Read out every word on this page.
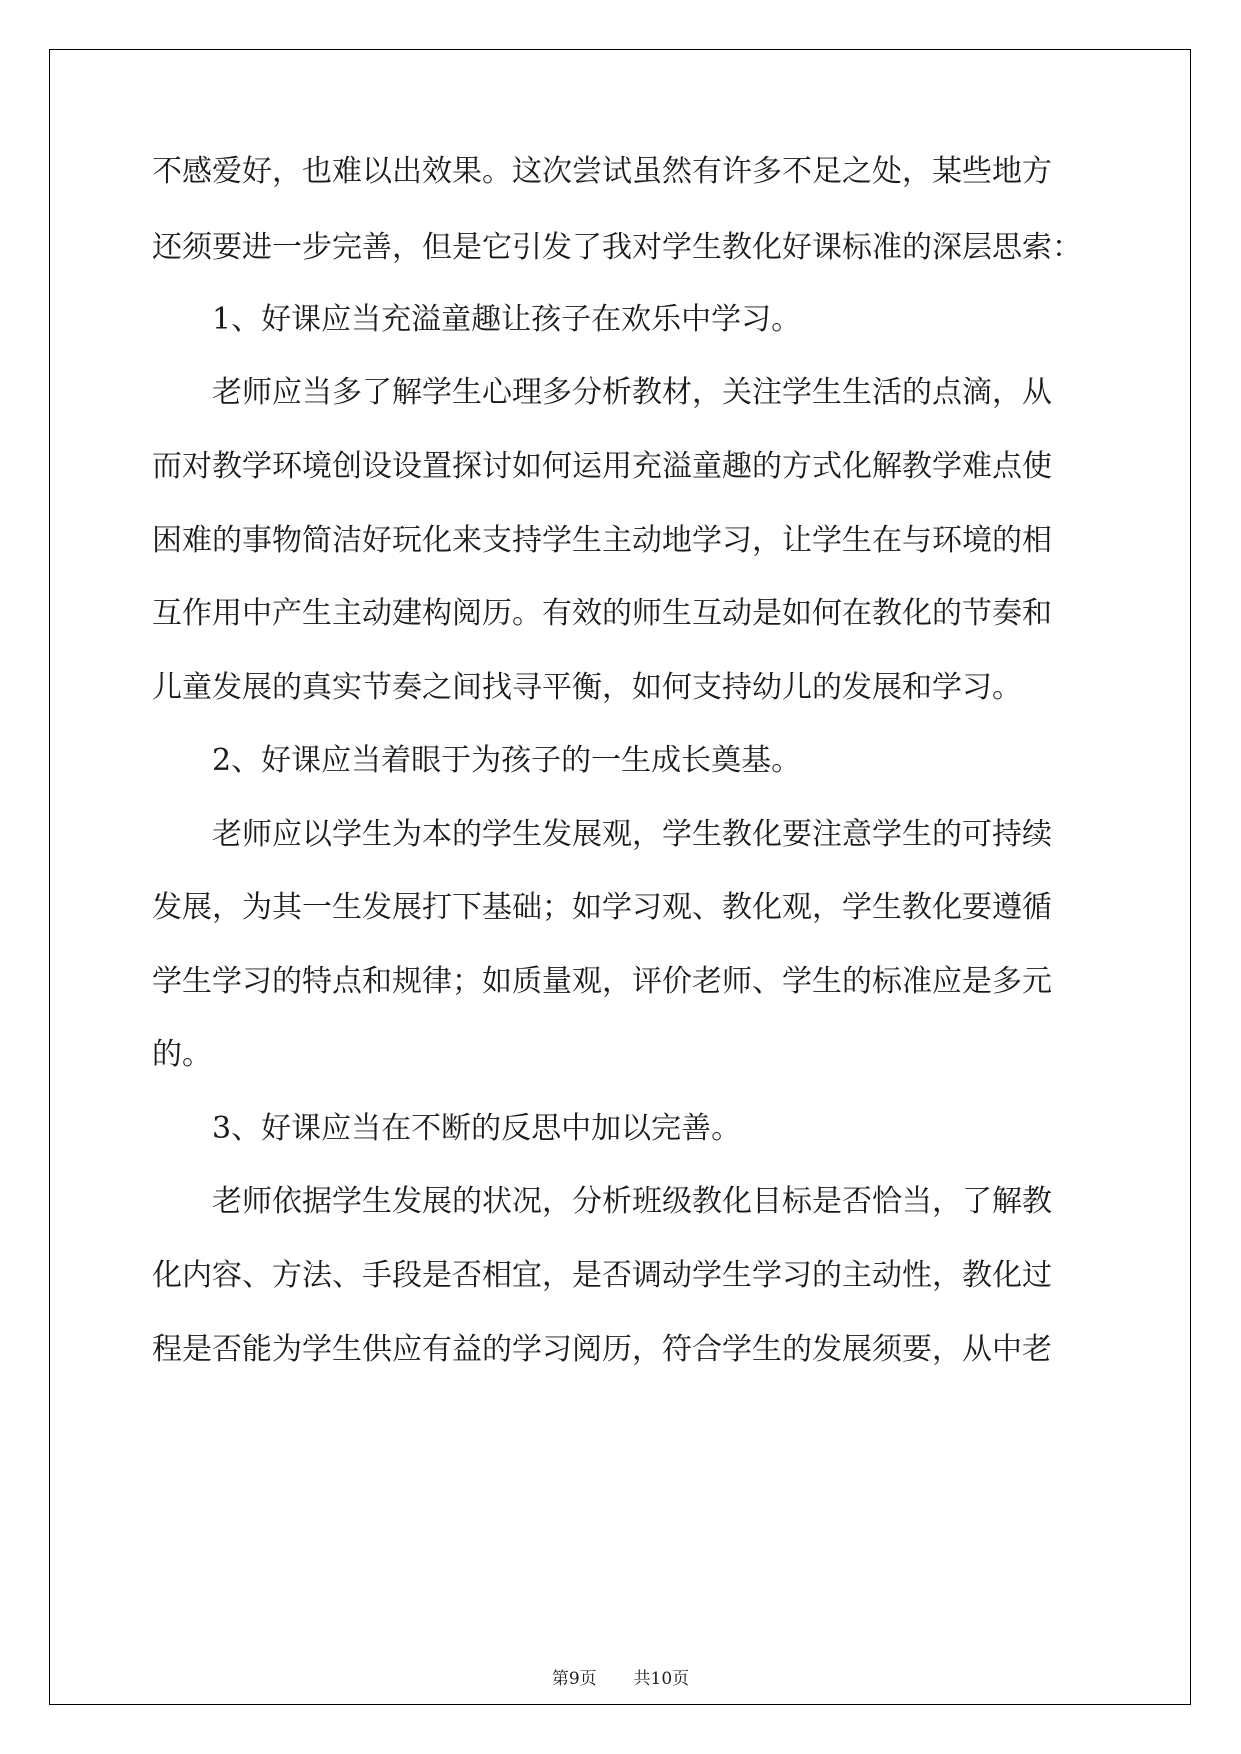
不感爱好，也难以出效果。这次尝试虽然有许多不足之处，某些地方
还须要进一步完善，但是它引发了我对学生教化好课标准的深层思索：
1、好课应当充溢童趣让孩子在欢乐中学习。
老师应当多了解学生心理多分析教材，关注学生生活的点滴，从
而对教学环境创设设置探讨如何运用充溢童趣的方式化解教学难点使
困难的事物简洁好玩化来支持学生主动地学习，让学生在与环境的相
互作用中产生主动建构阅历。有效的师生互动是如何在教化的节奏和
儿童发展的真实节奏之间找寻平衡，如何支持幼儿的发展和学习。
2、好课应当着眼于为孩子的一生成长奠基。
老师应以学生为本的学生发展观，学生教化要注意学生的可持续
发展，为其一生发展打下基础；如学习观、教化观，学生教化要遵循
学生学习的特点和规律；如质量观，评价老师、学生的标准应是多元
的。
3、好课应当在不断的反思中加以完善。
老师依据学生发展的状况，分析班级教化目标是否恰当，了解教
化内容、方法、手段是否相宜，是否调动学生学习的主动性，教化过
程是否能为学生供应有益的学习阅历，符合学生的发展须要，从中老
第9页 共10页
